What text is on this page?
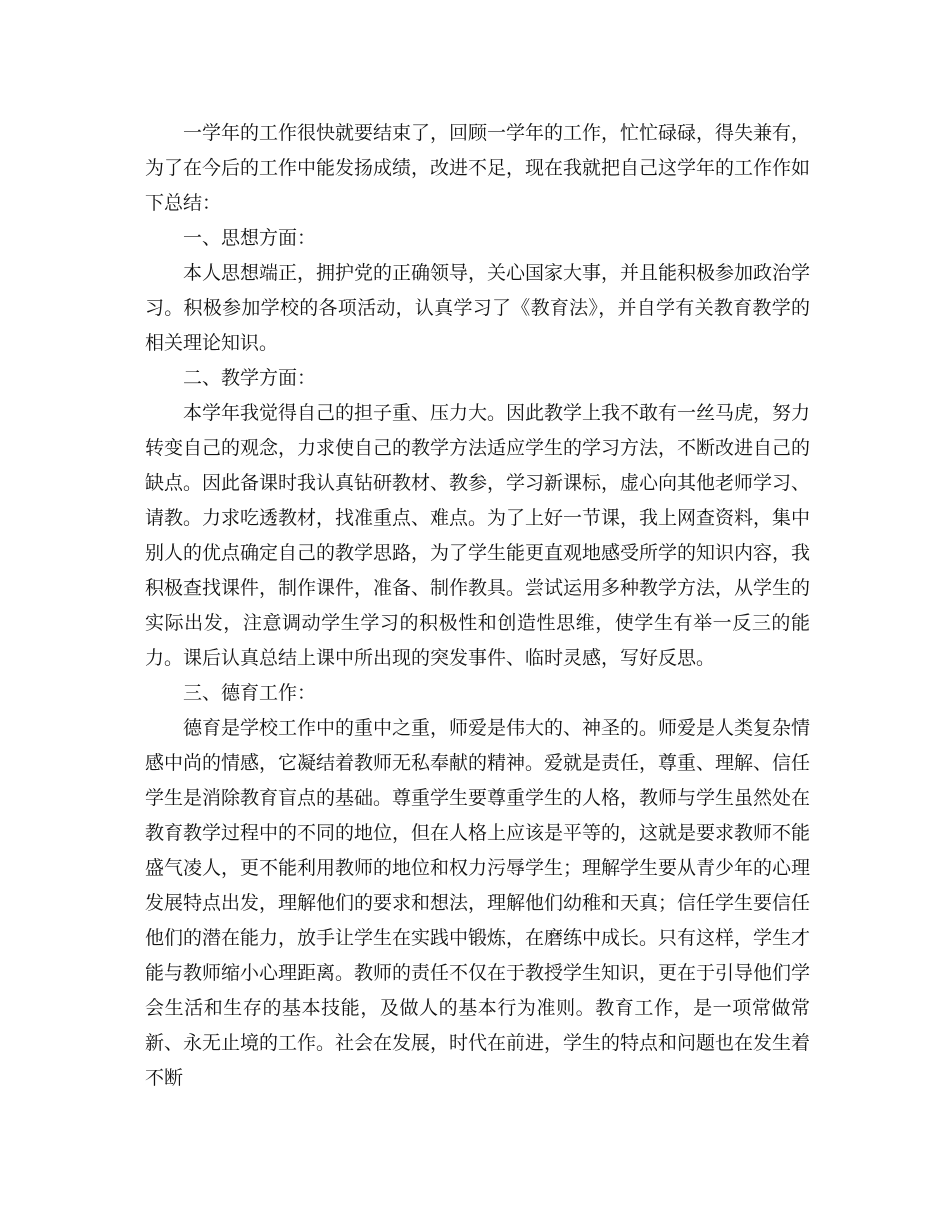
一学年的工作很快就要结束了，回顾一学年的工作，忙忙碌碌，得失兼有，为了在今后的工作中能发扬成绩，改进不足，现在我就把自己这学年的工作作如下总结：

一、思想方面：

本人思想端正，拥护党的正确领导，关心国家大事，并且能积极参加政治学习。积极参加学校的各项活动，认真学习了《教育法》，并自学有关教育教学的相关理论知识。

二、教学方面：

本学年我觉得自己的担子重、压力大。因此教学上我不敢有一丝马虎，努力转变自己的观念，力求使自己的教学方法适应学生的学习方法，不断改进自己的缺点。因此备课时我认真钻研教材、教参，学习新课标，虚心向其他老师学习、请教。力求吃透教材，找准重点、难点。为了上好一节课，我上网查资料，集中别人的优点确定自己的教学思路，为了学生能更直观地感受所学的知识内容，我积极查找课件，制作课件，准备、制作教具。尝试运用多种教学方法，从学生的实际出发，注意调动学生学习的积极性和创造性思维，使学生有举一反三的能力。课后认真总结上课中所出现的突发事件、临时灵感，写好反思。

三、德育工作：

德育是学校工作中的重中之重，师爱是伟大的、神圣的。师爱是人类复杂情感中尚的情感，它凝结着教师无私奉献的精神。爱就是责任，尊重、理解、信任学生是消除教育盲点的基础。尊重学生要尊重学生的人格，教师与学生虽然处在教育教学过程中的不同的地位，但在人格上应该是平等的，这就是要求教师不能盛气凌人，更不能利用教师的地位和权力污辱学生；理解学生要从青少年的心理发展特点出发，理解他们的要求和想法，理解他们幼稚和天真；信任学生要信任他们的潜在能力，放手让学生在实践中锻炼，在磨练中成长。只有这样，学生才能与教师缩小心理距离。教师的责任不仅在于教授学生知识，更在于引导他们学会生活和生存的基本技能，及做人的基本行为准则。教育工作，是一项常做常新、永无止境的工作。社会在发展，时代在前进，学生的特点和问题也在发生着不断
